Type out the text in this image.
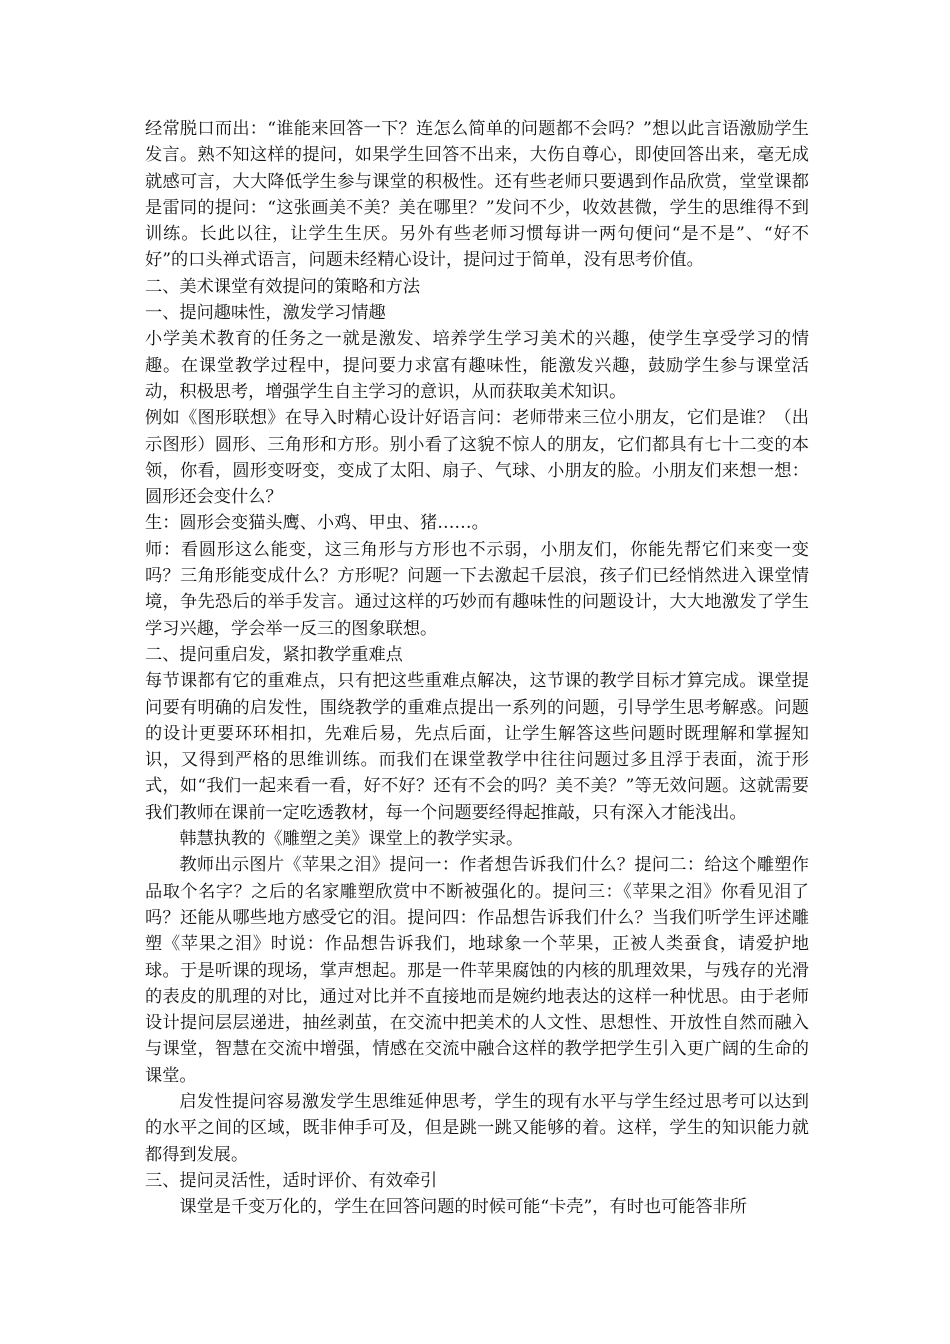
经常脱口而出：“谁能来回答一下？连怎么简单的问题都不会吗？”想以此言语激励学生发言。熟不知这样的提问，如果学生回答不出来，大伤自尊心，即使回答出来，毫无成就感可言，大大降低学生参与课堂的积极性。还有些老师只要遇到作品欣赏，堂堂课都是雷同的提问：“这张画美不美？美在哪里？”发问不少，收效甚微，学生的思维得不到训练。长此以往，让学生生厌。另外有些老师习惯每讲一两句便问“是不是”、“好不好”的口头禅式语言，问题未经精心设计，提问过于简单，没有思考价值。

二、美术课堂有效提问的策略和方法

一、提问趣味性，激发学习情趣

小学美术教育的任务之一就是激发、培养学生学习美术的兴趣，使学生享受学习的情趣。在课堂教学过程中，提问要力求富有趣味性，能激发兴趣，鼓励学生参与课堂活动，积极思考，增强学生自主学习的意识，从而获取美术知识。

例如《图形联想》在导入时精心设计好语言问：老师带来三位小朋友，它们是谁？（出示图形）圆形、三角形和方形。别小看了这貌不惊人的朋友，它们都具有七十二变的本领，你看，圆形变呀变，变成了太阳、扇子、气球、小朋友的脸。小朋友们来想一想：圆形还会变什么？

生：圆形会变猫头鹰、小鸡、甲虫、猪……。

师：看圆形这么能变，这三角形与方形也不示弱，小朋友们，你能先帮它们来变一变吗？三角形能变成什么？方形呢？问题一下去激起千层浪，孩子们已经悄然进入课堂情境，争先恐后的举手发言。通过这样的巧妙而有趣味性的问题设计，大大地激发了学生学习兴趣，学会举一反三的图象联想。

二、提问重启发，紧扣教学重难点

每节课都有它的重难点，只有把这些重难点解决，这节课的教学目标才算完成。课堂提问要有明确的启发性，围绕教学的重难点提出一系列的问题，引导学生思考解惑。问题的设计更要环环相扣，先难后易，先点后面，让学生解答这些问题时既理解和掌握知识，又得到严格的思维训练。而我们在课堂教学中往往问题过多且浮于表面，流于形式，如“我们一起来看一看，好不好？还有不会的吗？美不美？”等无效问题。这就需要我们教师在课前一定吃透教材，每一个问题要经得起推敲，只有深入才能浅出。

韩慧执教的《雕塑之美》课堂上的教学实录。

教师出示图片《苹果之泪》提问一：作者想告诉我们什么？提问二：给这个雕塑作品取个名字？之后的名家雕塑欣赏中不断被强化的。提问三：《苹果之泪》你看见泪了吗？还能从哪些地方感受它的泪。提问四：作品想告诉我们什么？当我们听学生评述雕塑《苹果之泪》时说：作品想告诉我们，地球象一个苹果，正被人类蚕食，请爱护地球。于是听课的现场，掌声想起。那是一件苹果腐蚀的内核的肌理效果，与残存的光滑的表皮的肌理的对比，通过对比并不直接地而是婉约地表达的这样一种忧思。由于老师设计提问层层递进，抽丝剥茧，在交流中把美术的人文性、思想性、开放性自然而融入与课堂，智慧在交流中增强，情感在交流中融合这样的教学把学生引入更广阔的生命的课堂。

启发性提问容易激发学生思维延伸思考，学生的现有水平与学生经过思考可以达到的水平之间的区域，既非伸手可及，但是跳一跳又能够的着。这样，学生的知识能力就都得到发展。

三、提问灵活性，适时评价、有效牵引

课堂是千变万化的，学生在回答问题的时候可能“卡壳”，有时也可能答非所
